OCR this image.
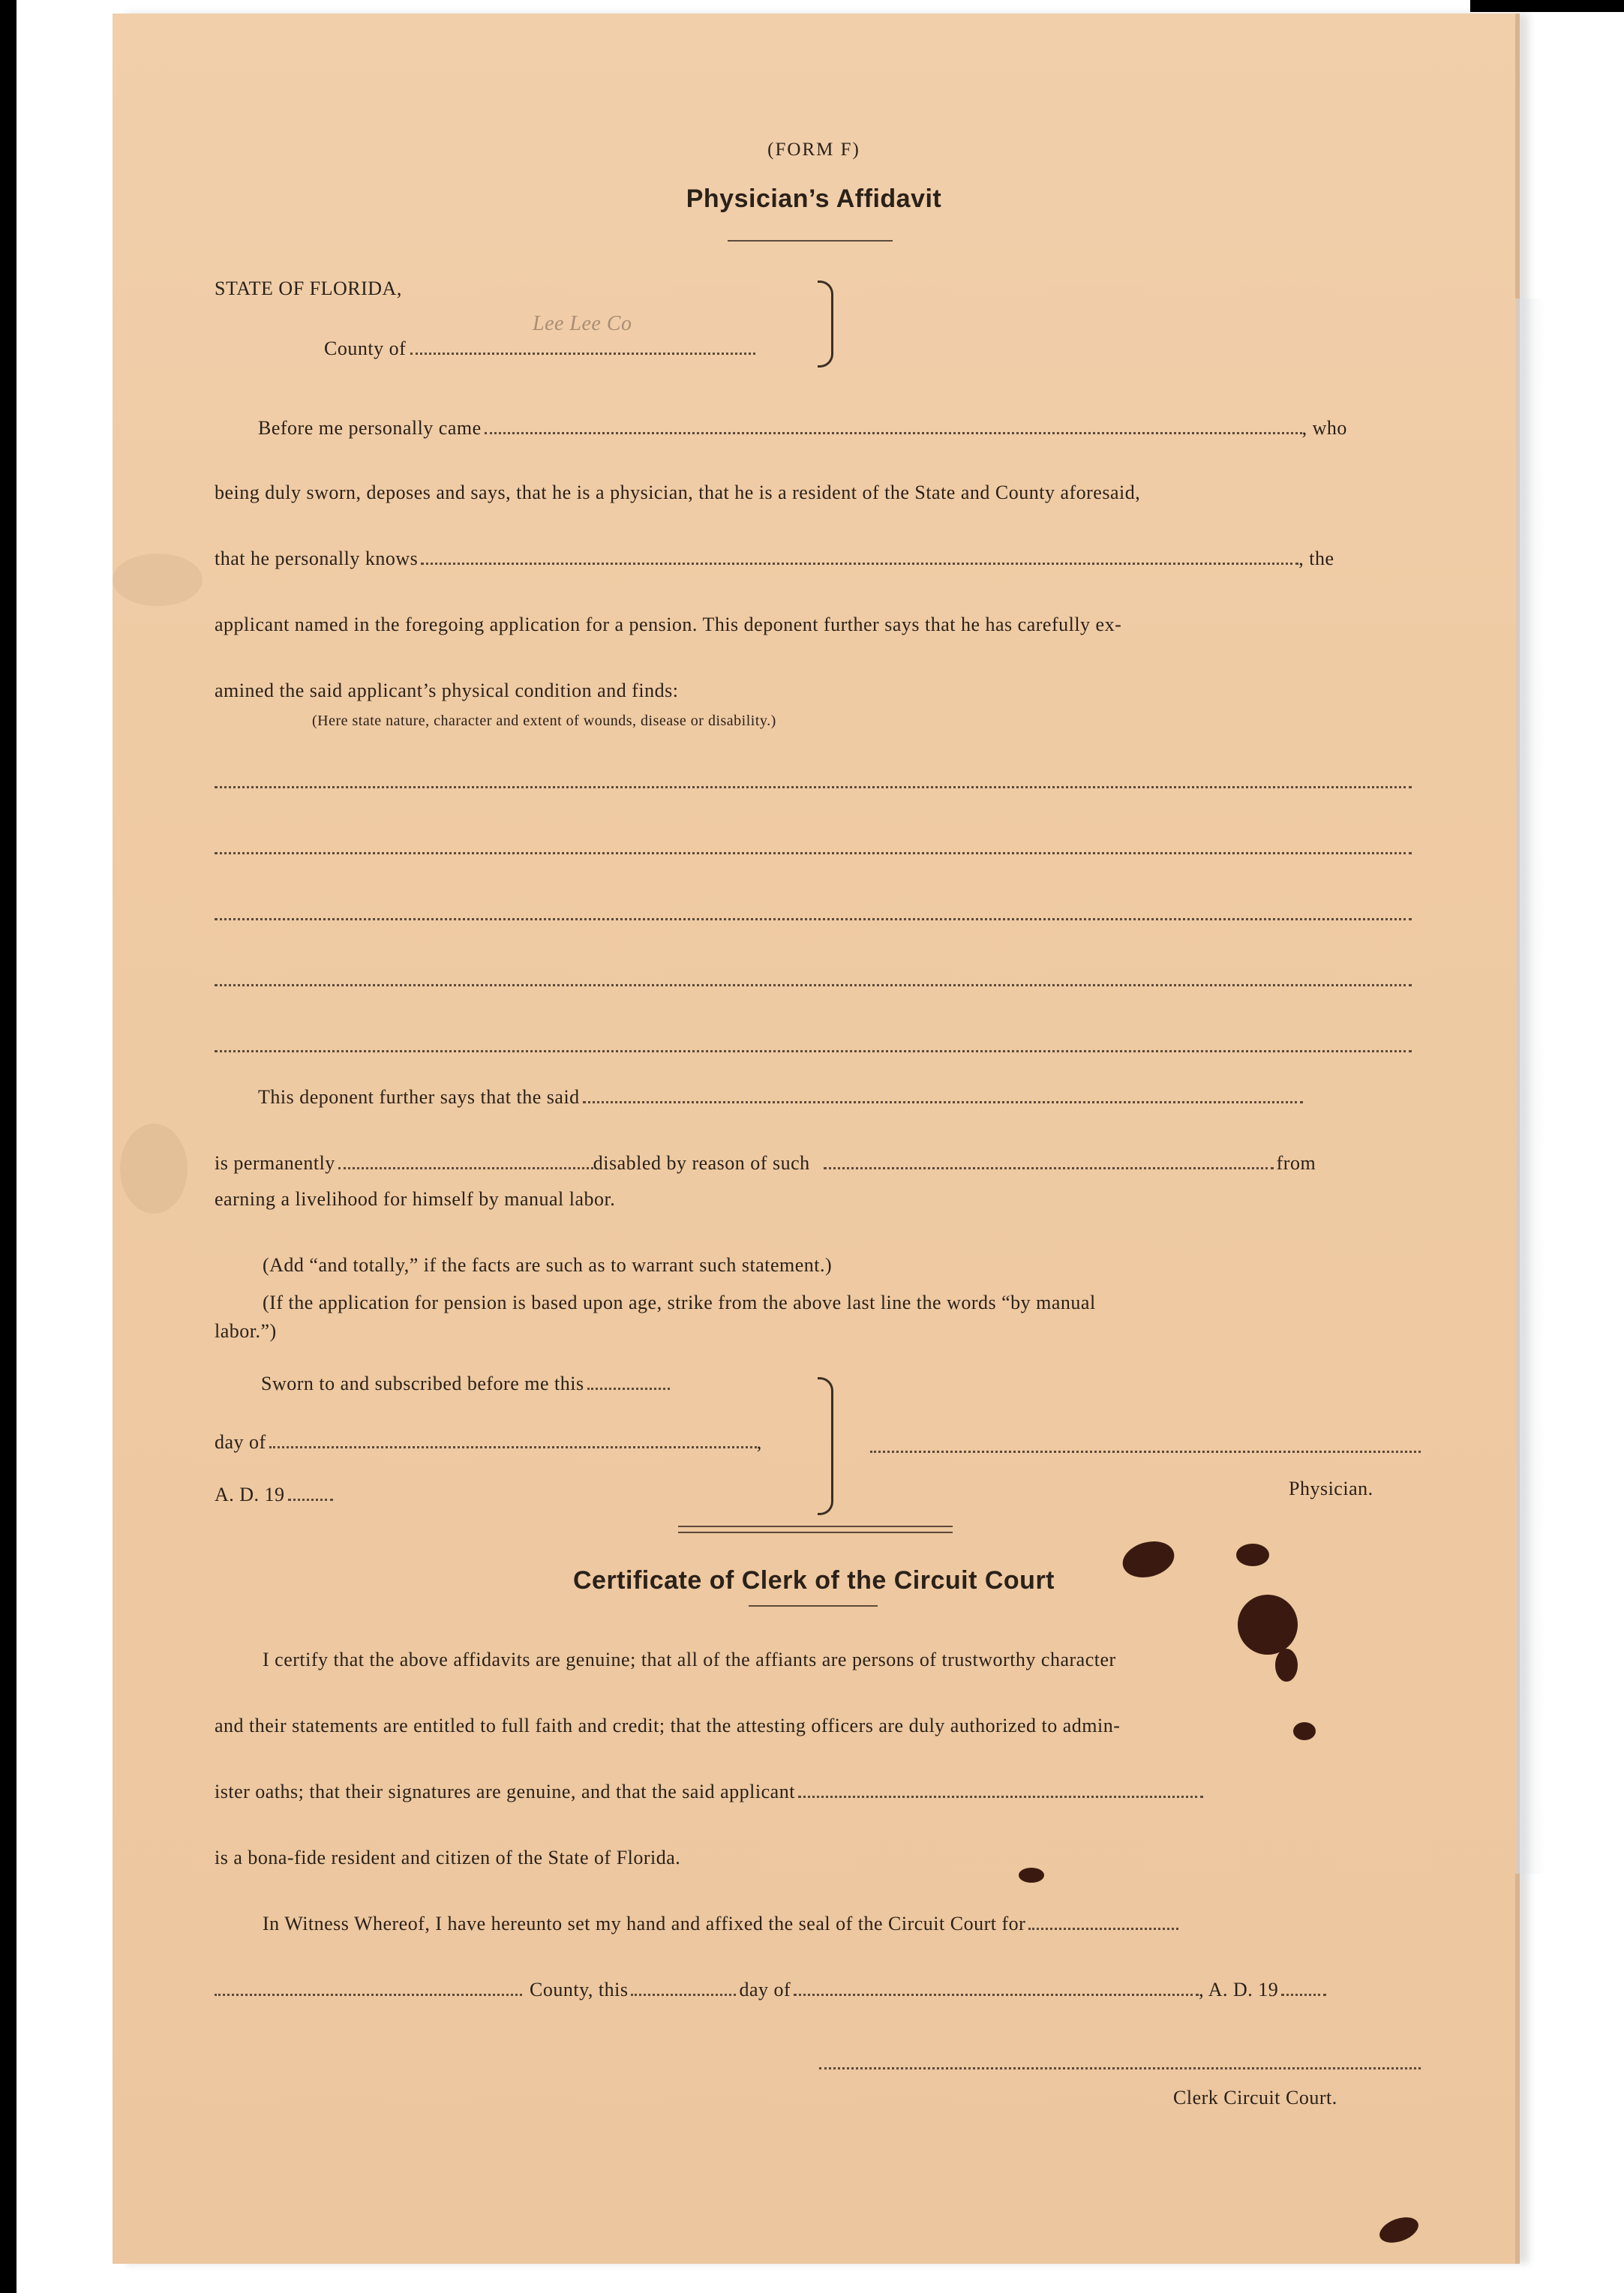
(FORM F)
Physician’s Affidavit
STATE OF FLORIDA,
County of
Lee Lee Co
Before me personally came	, who
being duly sworn, deposes and says, that he is a physician, that he is a resident of the State and County aforesaid,
that he personally knows	, the
applicant named in the foregoing application for a pension. This deponent further says that he has carefully ex-
amined the said applicant’s physical condition and finds:
(Here state nature, character and extent of wounds, disease or disability.)
This deponent further says that the said
is permanently	disabled by reason of such	from
earning a livelihood for himself by manual labor.
(Add “and totally,” if the facts are such as to warrant such statement.)
(If the application for pension is based upon age, strike from the above last line the words “by manual
labor.”)
Sworn to and subscribed before me this
day of	,
A. D. 19	Physician.
Certificate of Clerk of the Circuit Court
I certify that the above affidavits are genuine; that all of the affiants are persons of trustworthy character
and their statements are entitled to full faith and credit; that the attesting officers are duly authorized to admin-
ister oaths; that their signatures are genuine, and that the said applicant
is a bona-fide resident and citizen of the State of Florida.
In Witness Whereof, I have hereunto set my hand and affixed the seal of the Circuit Court for
County, this	day of	, A. D. 19
Clerk Circuit Court.
